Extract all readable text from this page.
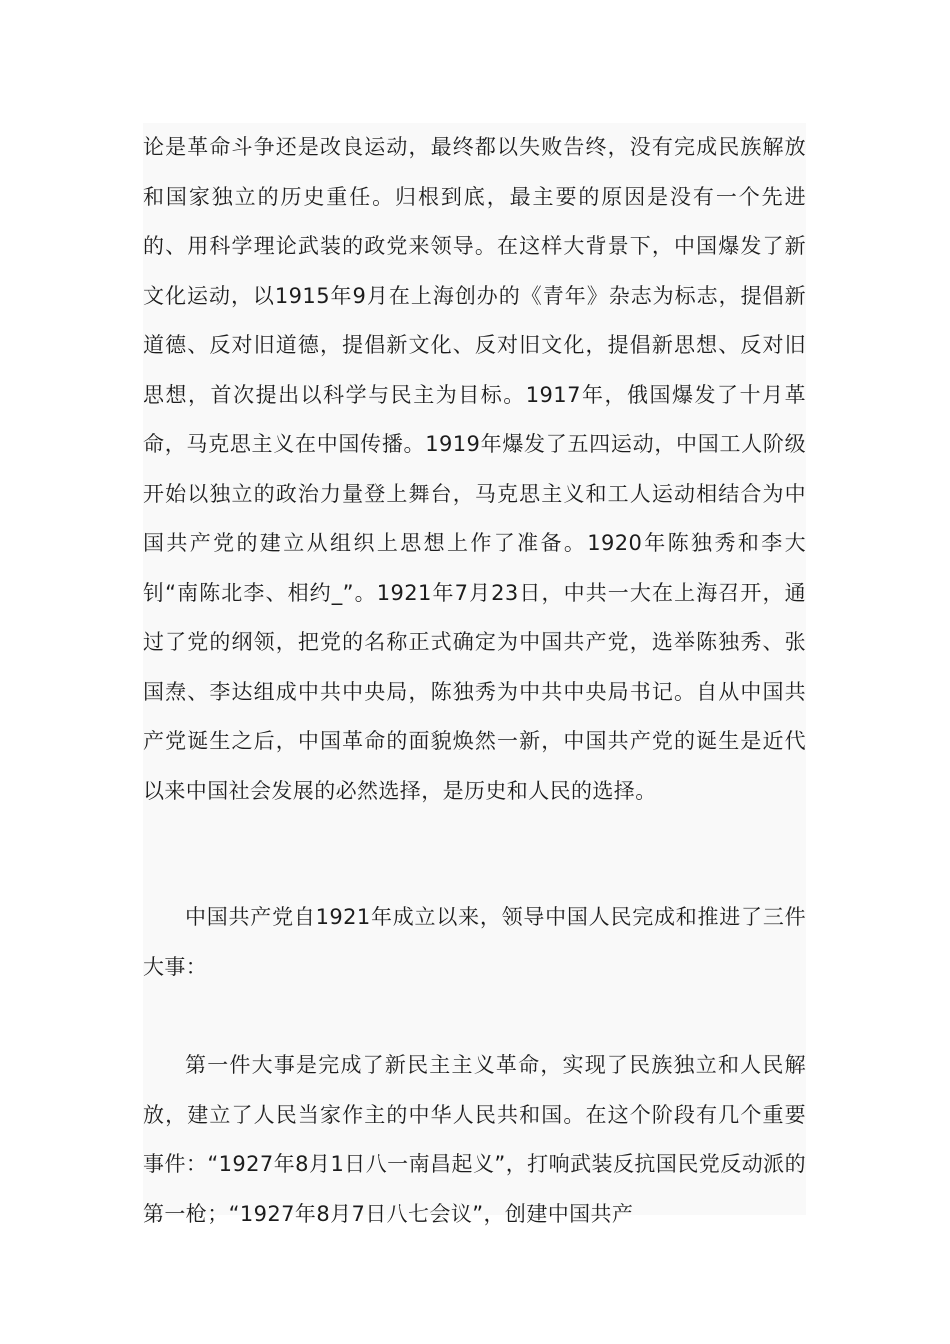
论是革命斗争还是改良运动，最终都以失败告终，没有完成民族解放和国家独立的历史重任。归根到底，最主要的原因是没有一个先进的、用科学理论武装的政党来领导。在这样大背景下，中国爆发了新文化运动，以1915年9月在上海创办的《青年》杂志为标志，提倡新道德、反对旧道德，提倡新文化、反对旧文化，提倡新思想、反对旧思想，首次提出以科学与民主为目标。1917年，俄国爆发了十月革命，马克思主义在中国传播。1919年爆发了五四运动，中国工人阶级开始以独立的政治力量登上舞台，马克思主义和工人运动相结合为中国共产党的建立从组织上思想上作了准备。1920年陈独秀和李大钊“南陈北李、相约_”。1921年7月23日，中共一大在上海召开，通过了党的纲领，把党的名称正式确定为中国共产党，选举陈独秀、张国焘、李达组成中共中央局，陈独秀为中共中央局书记。自从中国共产党诞生之后，中国革命的面貌焕然一新，中国共产党的诞生是近代以来中国社会发展的必然选择，是历史和人民的选择。

中国共产党自1921年成立以来，领导中国人民完成和推进了三件大事：

第一件大事是完成了新民主主义革命，实现了民族独立和人民解放，建立了人民当家作主的中华人民共和国。在这个阶段有几个重要事件：“1927年8月1日八一南昌起义”，打响武装反抗国民党反动派的第一枪；“1927年8月7日八七会议”，创建中国共产
